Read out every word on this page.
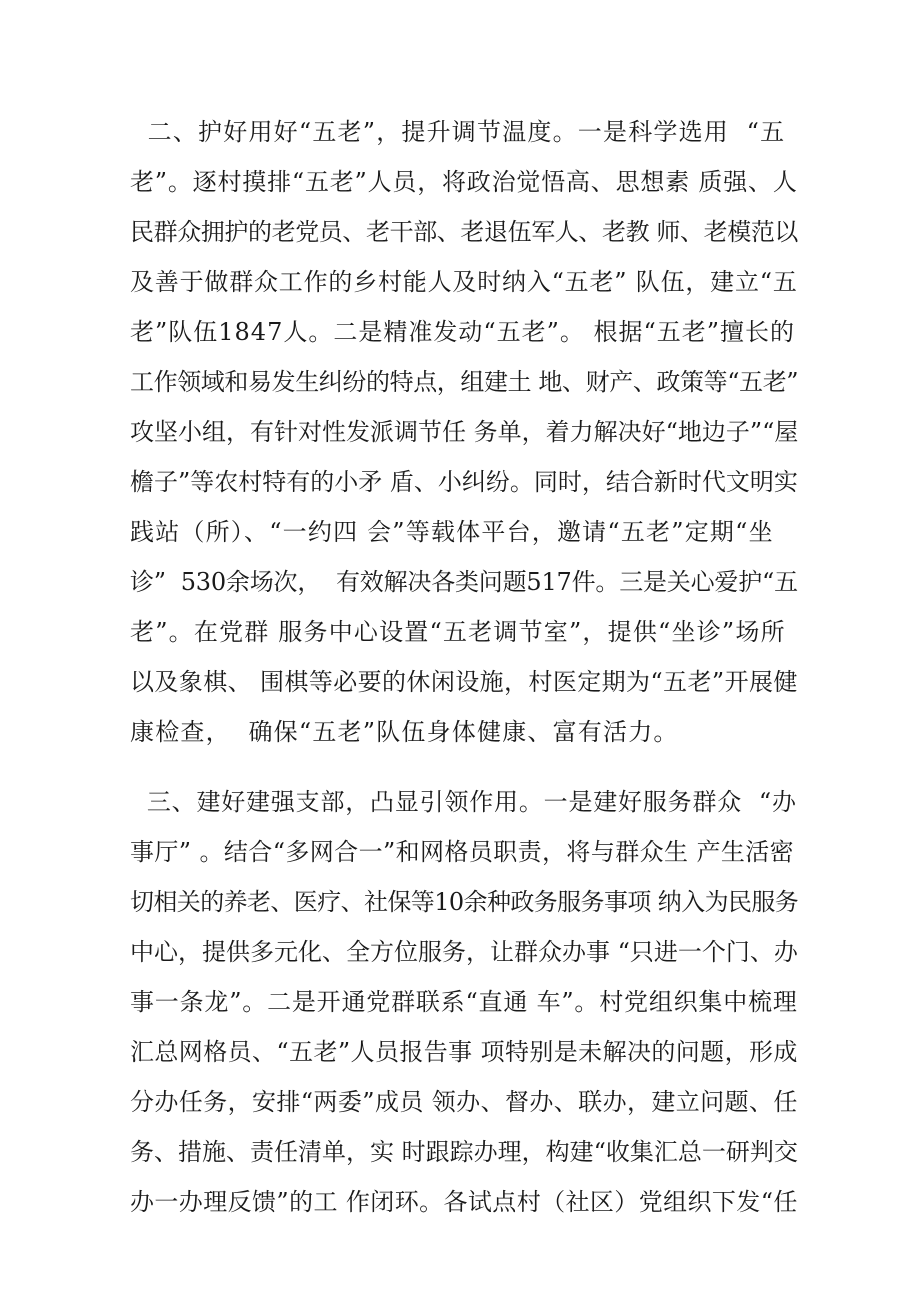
二、护好用好“五老”，提升调节温度。一是科学选用  “五
老”。逐村摸排“五老”人员，将政治觉悟高、思想素 质强、人
民群众拥护的老党员、老干部、老退伍军人、老教 师、老模范以
及善于做群众工作的乡村能人及时纳入“五老” 队伍，建立“五
老”队伍1847人。二是精准发动“五老”。 根据“五老”擅长的
工作领域和易发生纠纷的特点，组建土 地、财产、政策等“五老”
攻坚小组，有针对性发派调节任 务单，着力解决好“地边子”“屋
檐子”等农村特有的小矛 盾、小纠纷。同时，结合新时代文明实
践站（所）、“一约四 会”等载体平台，邀请“五老”定期“坐
诊”  530余场次，  有效解决各类问题517件。三是关心爱护“五
老”。在党群 服务中心设置“五老调节室”，提供“坐诊”场所
以及象棋、 围棋等必要的休闲设施，村医定期为“五老”开展健
康检查，  确保“五老”队伍身体健康、富有活力。
三、建好建强支部，凸显引领作用。一是建好服务群众  “办
事厅” 。结合“多网合一”和网格员职责，将与群众生 产生活密
切相关的养老、医疗、社保等10余种政务服务事项 纳入为民服务
中心，提供多元化、全方位服务，让群众办事 “只进一个门、办
事一条龙”。二是开通党群联系“直通 车”。村党组织集中梳理
汇总网格员、“五老”人员报告事 项特别是未解决的问题，形成
分办任务，安排“两委”成员 领办、督办、联办，建立问题、任
务、措施、责任清单，实 时跟踪办理，构建“收集汇总一研判交
办一办理反馈”的工 作闭环。各试点村（社区）党组织下发“任
